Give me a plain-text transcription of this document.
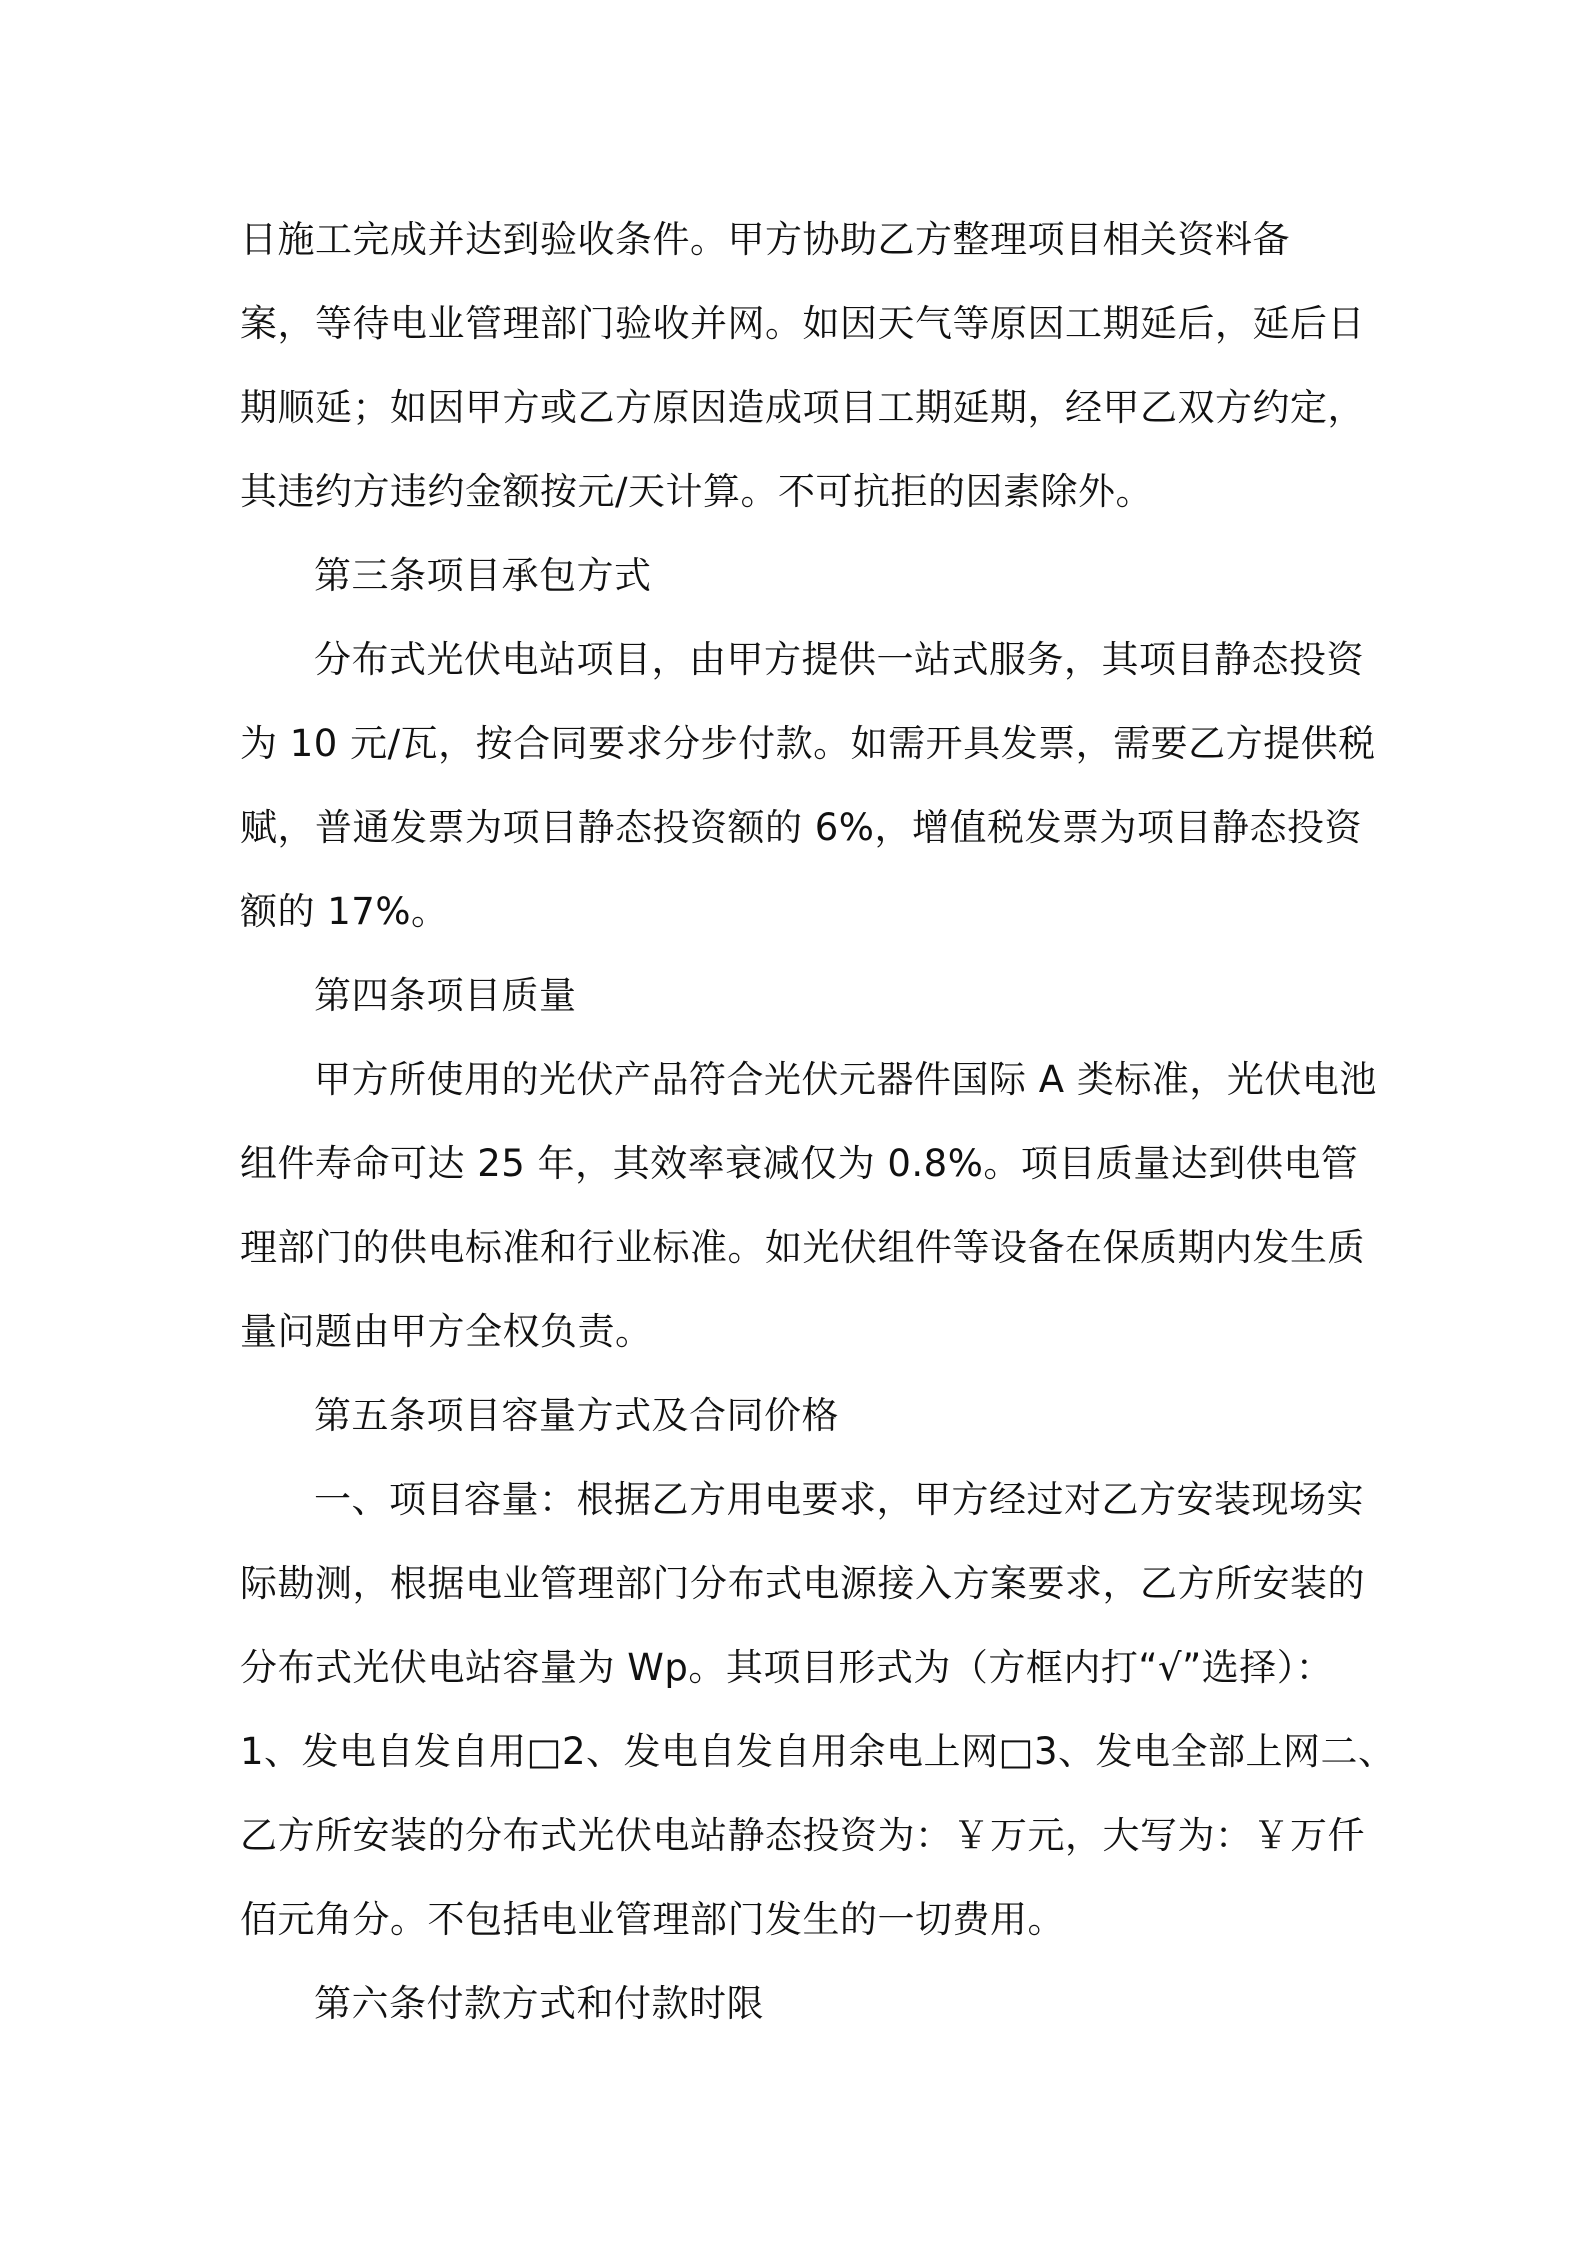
日施工完成并达到验收条件。甲方协助乙方整理项目相关资料备
案，等待电业管理部门验收并网。如因天气等原因工期延后，延后日
期顺延；如因甲方或乙方原因造成项目工期延期，经甲乙双方约定，
其违约方违约金额按元/天计算。不可抗拒的因素除外。
第三条项目承包方式
分布式光伏电站项目，由甲方提供一站式服务，其项目静态投资
为 10 元/瓦，按合同要求分步付款。如需开具发票，需要乙方提供税
赋，普通发票为项目静态投资额的 6%，增值税发票为项目静态投资
额的 17%。
第四条项目质量
甲方所使用的光伏产品符合光伏元器件国际 A 类标准，光伏电池
组件寿命可达 25 年，其效率衰减仅为 0.8%。项目质量达到供电管
理部门的供电标准和行业标准。如光伏组件等设备在保质期内发生质
量问题由甲方全权负责。
第五条项目容量方式及合同价格
一、项目容量：根据乙方用电要求，甲方经过对乙方安装现场实
际勘测，根据电业管理部门分布式电源接入方案要求，乙方所安装的
分布式光伏电站容量为 Wp。其项目形式为（方框内打“√”选择）：
1、发电自发自用□2、发电自发自用余电上网□3、发电全部上网二、
乙方所安装的分布式光伏电站静态投资为：￥万元，大写为：￥万仟
佰元角分。不包括电业管理部门发生的一切费用。
第六条付款方式和付款时限
